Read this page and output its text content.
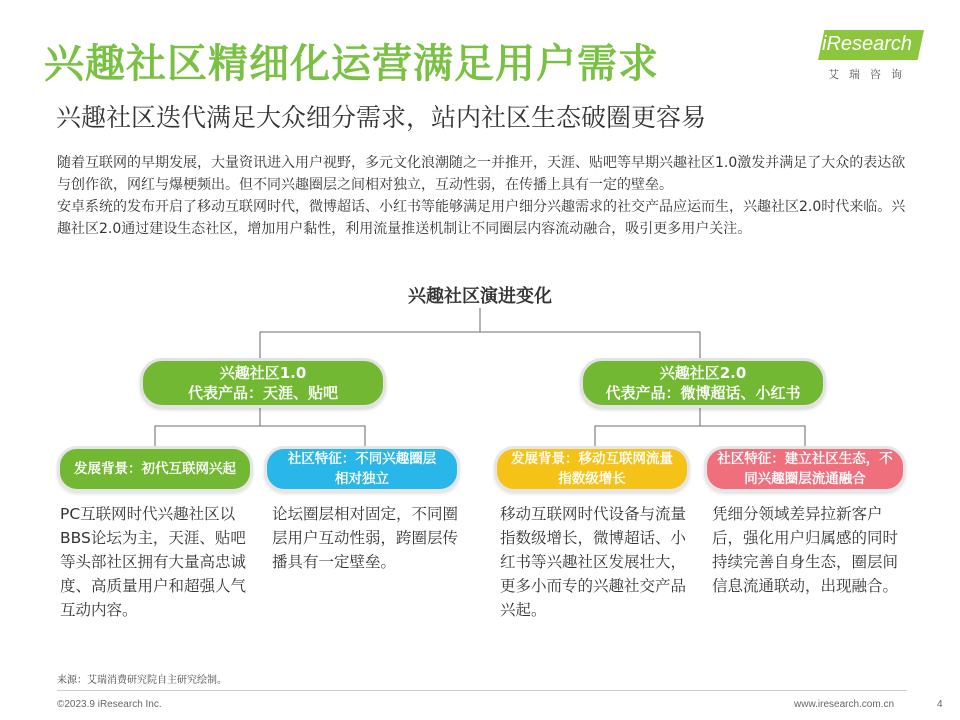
兴趣社区精细化运营满足用户需求
兴趣社区迭代满足大众细分需求，站内社区生态破圈更容易
iResearch
艾瑞咨询

随着互联网的早期发展，大量资讯进入用户视野，多元文化浪潮随之一并推开，天涯、贴吧等早期兴趣社区1.0激发并满足了大众的表达欲与创作欲，网红与爆梗频出。但不同兴趣圈层之间相对独立，互动性弱，在传播上具有一定的壁垒。

安卓系统的发布开启了移动互联网时代，微博超话、小红书等能够满足用户细分兴趣需求的社交产品应运而生，兴趣社区2.0时代来临。兴趣社区2.0通过建设生态社区，增加用户黏性，利用流量推送机制让不同圈层内容流动融合，吸引更多用户关注。

兴趣社区演进变化
兴趣社区1.0
代表产品：天涯、贴吧
兴趣社区2.0
代表产品：微博超话、小红书
发展背景：初代互联网兴起
社区特征：不同兴趣圈层
相对独立
发展背景：移动互联网流量
指数级增长
社区特征：建立社区生态，不
同兴趣圈层流通融合
PC互联网时代兴趣社区以BBS论坛为主，天涯、贴吧等头部社区拥有大量高忠诚度、高质量用户和超强人气互动内容。
论坛圈层相对固定，不同圈层用户互动性弱，跨圈层传播具有一定壁垒。
移动互联网时代设备与流量指数级增长，微博超话、小红书等兴趣社区发展壮大，更多小而专的兴趣社交产品兴起。
凭细分领域差异拉新客户后，强化用户归属感的同时持续完善自身生态，圈层间信息流通联动，出现融合。
来源：艾瑞消费研究院自主研究绘制。
©2023.9 iResearch Inc.	www.iresearch.com.cn	4
